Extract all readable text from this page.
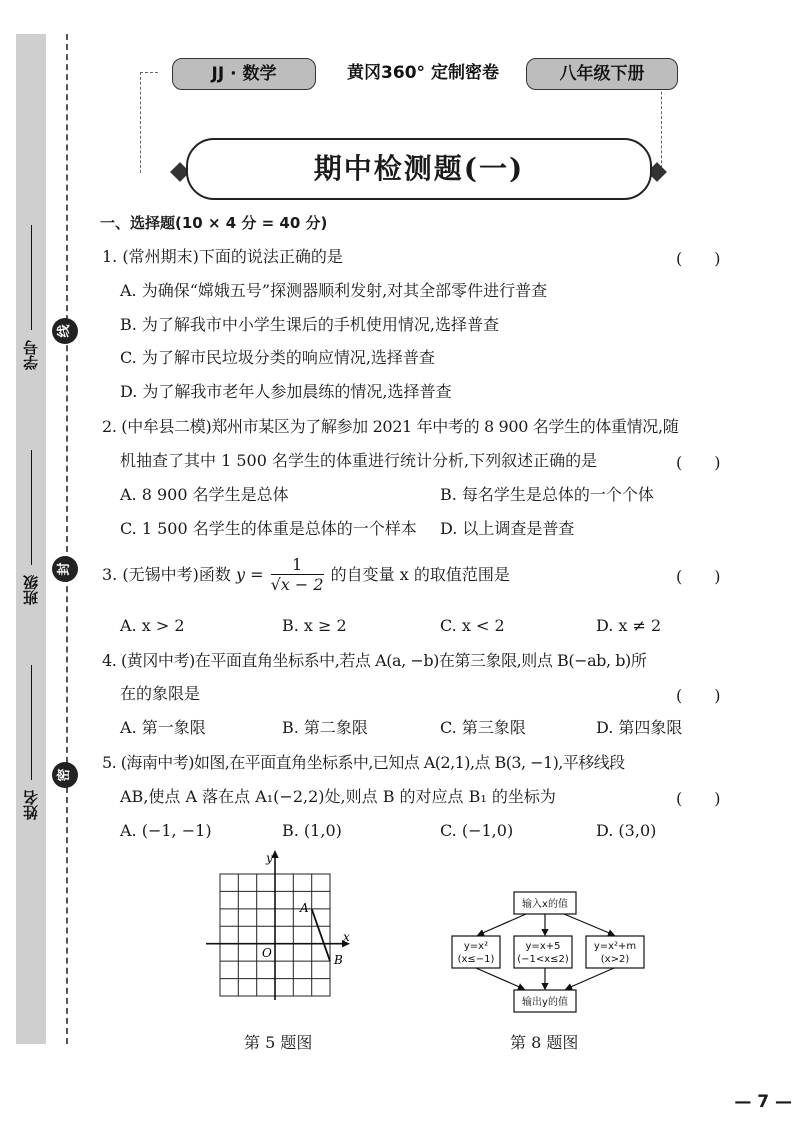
学号
班级
姓名
线
封
密
JJ · 数学	黄冈360° 定制密卷	八年级下册
期中检测题(一)
一、选择题(10 × 4 分 = 40 分)
1. (常州期末)下面的说法正确的是	(　　)
A. 为确保“嫦娥五号”探测器顺利发射,对其全部零件进行普查
B. 为了解我市中小学生课后的手机使用情况,选择普查
C. 为了解市民垃圾分类的响应情况,选择普查
D. 为了解我市老年人参加晨练的情况,选择普查
2. (中牟县二模)郑州市某区为了解参加 2021 年中考的 8 900 名学生的体重情况,随
机抽查了其中 1 500 名学生的体重进行统计分析,下列叙述正确的是	(　　)
A. 8 900 名学生是总体	B. 每名学生是总体的一个个体
C. 1 500 名学生的体重是总体的一个样本 D. 以上调查是普查
3. (无锡中考)函数 $y = \frac{1}{√x - 2}$ 的自变量 x 的取值范围是	(　　)
A. x > 2	B. x ≥ 2	C. x < 2	D. x ≠ 2
4. (黄冈中考)在平面直角坐标系中,若点 A(a, −b)在第三象限,则点 B(−ab, b)所
在的象限是	(　　)
A. 第一象限	B. 第二象限	C. 第三象限	D. 第四象限
5. (海南中考)如图,在平面直角坐标系中,已知点 A(2,1),点 B(3, −1),平移线段
AB,使点 A 落在点 A₁(−2,2)处,则点 B 的对应点 B₁ 的坐标为	(　　)
A. (−1, −1)	B. (1,0)	C. (−1,0)	D. (3,0)
y
x
O
A
B
第 5 题图
输入x的值
y=x²
(x≤−1)
y=x+5
(−1<x≤2)
y=x²+m
(x>2)
输出y的值
第 8 题图
— 7 —
